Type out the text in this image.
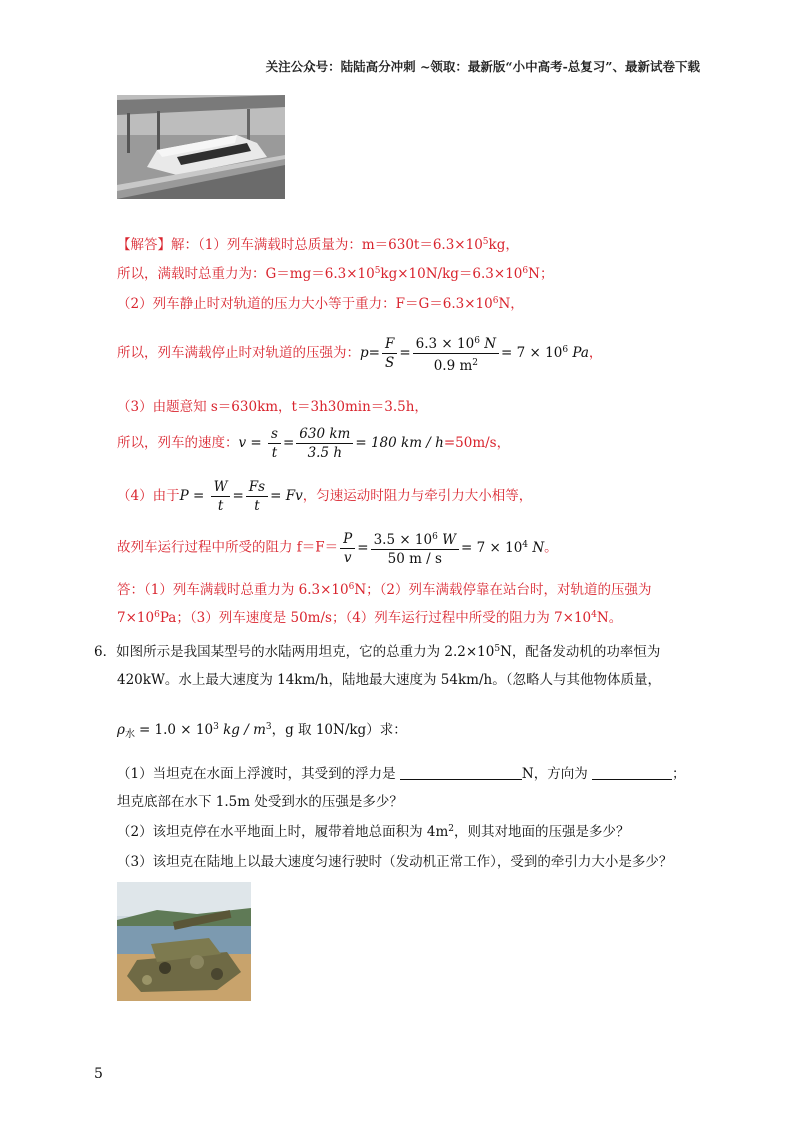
关注公众号：陆陆高分冲刺 ~领取：最新版“小中高考-总复习”、最新试卷下载
【解答】解：（1）列车满载时总质量为：$m=630t=6.3\times 10^5kg$，
所以，满载时总重力为：$G=mg=6.3\times 10^5kg\times 10N/kg=6.3\times 10^6N$；
（2）列车静止时对轨道的压力大小等于重力：$F=G=6.3\times 10^6N$，
所以，列车满载停止时对轨道的压强为：$p= \frac{F}{S} = \frac{6.3 \times 10^6 N}{0.9 m^2} = 7 \times 10^6$ Pa，
（3）由题意知 s＝630km，t＝3h30min＝3.5h，
所以，列车的速度：$v = \frac{s}{t} = \frac{630 km}{3.5 h} = 180$ km / h=50m/s，
（4）由于$P = \frac{W}{t} = \frac{Fs}{t} = Fv$，匀速运动时阻力与牵引力大小相等，
故列车运行过程中所受的阻力 $f=F= \frac{P}{v} = \frac{3.5 \times 10^6 W}{50 m / s} = 7 \times 10^4$ N。
答：（1）列车满载时总重力为 $6.3\times 10^6N$；（2）列车满载停靠在站台时，对轨道的压强为
$7\times 10^6Pa$；（3）列车速度是 50m/s；（4）列车运行过程中所受的阻力为 $7\times 10^4N$。
6．如图所示是我国某型号的水陆两用坦克，它的总重力为 $2.2\times 10^5N$，配备发动机的功率恒为
420kW。水上最大速度为 14km/h，陆地最大速度为 54km/h。（忽略人与其他物体质量，
$\rho_水 = 1.0 \times 10^3$ kg / $m^3$，g 取 10N/kg）求：
（1）当坦克在水面上浮渡时，其受到的浮力是	N，方向为	；
坦克底部在水下 1.5m 处受到水的压强是多少？
（2）该坦克停在水平地面上时，履带着地总面积为 $4m^2$，则其对地面的压强是多少？
（3）该坦克在陆地上以最大速度匀速行驶时（发动机正常工作），受到的牵引力大小是多少？
5
